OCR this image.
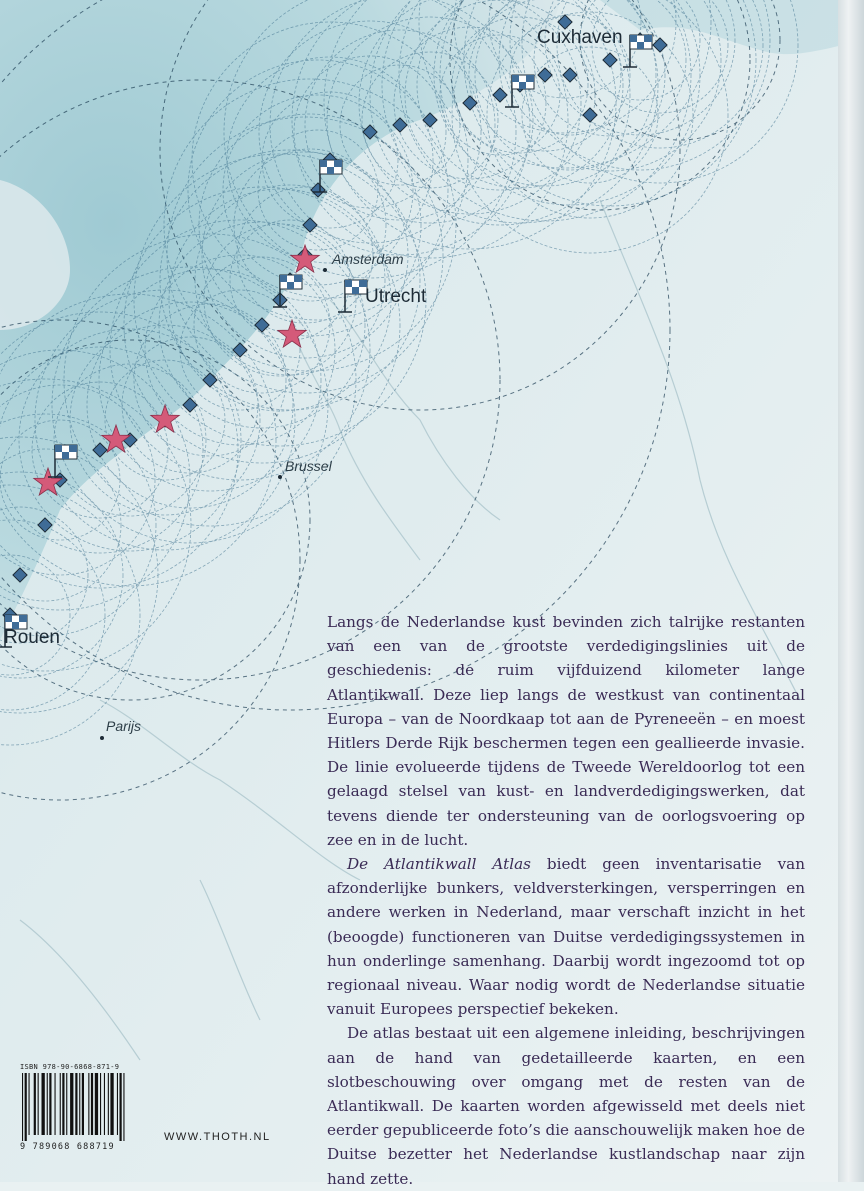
Cuxhaven
Amsterdam
Utrecht
Brussel
Rouen
Parijs

Langs de Nederlandse kust bevinden zich talrijke restanten van een van de grootste verdedigingslinies uit de geschiedenis: de ruim vijfduizend kilometer lange Atlantikwall. Deze liep langs de westkust van continentaal Europa – van de Noordkaap tot aan de Pyreneeën – en moest Hitlers Derde Rijk beschermen tegen een geallieerde invasie. De linie evolueerde tijdens de Tweede Wereldoorlog tot een gelaagd stelsel van kust- en landverdedigingswerken, dat tevens diende ter ondersteuning van de oorlogsvoering op zee en in de lucht.

De Atlantikwall Atlas biedt geen inventarisatie van afzonderlijke bunkers, veldversterkingen, versperringen en andere werken in Nederland, maar verschaft inzicht in het (beoogde) functioneren van Duitse verdedigingssystemen in hun onderlinge samenhang. Daarbij wordt ingezoomd tot op regionaal niveau. Waar nodig wordt de Nederlandse situatie vanuit Europees perspectief bekeken.

De atlas bestaat uit een algemene inleiding, beschrijvingen aan de hand van gedetailleerde kaarten, en een slotbeschouwing over omgang met de resten van de Atlantikwall. De kaarten worden afgewisseld met deels niet eerder gepubliceerde foto’s die aanschouwelijk maken hoe de Duitse bezetter het Nederlandse kustlandschap naar zijn hand zette.

ISBN 978-90-6868-871-9
9 789068 688719
WWW.THOTH.NL
